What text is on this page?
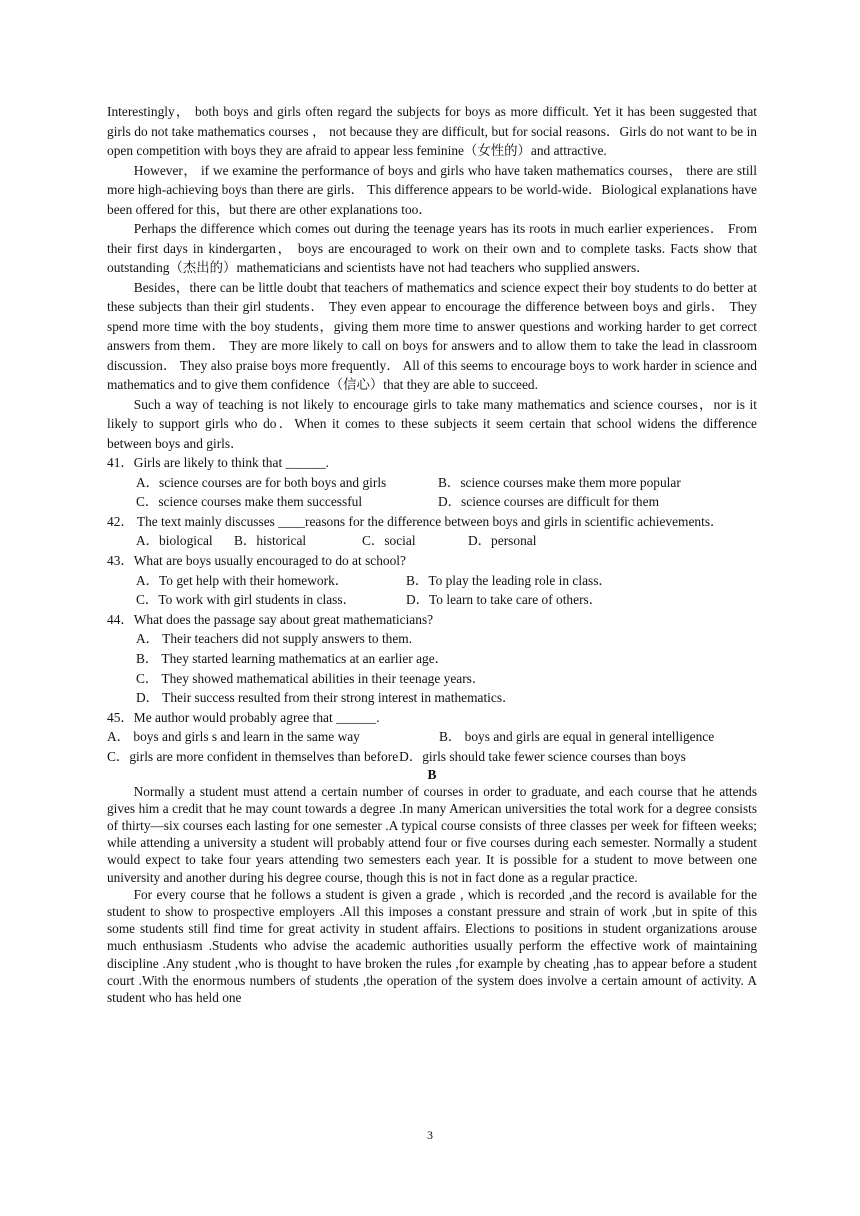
Interestingly， both boys and girls often regard the subjects for boys as more difficult. Yet it has been suggested that girls do not take mathematics courses ， not because they are difficult, but for social reasons．Girls do not want to be in open competition with boys they are afraid to appear less feminine（女性的）and attractive.

However， if we examine the performance of boys and girls who have taken mathematics courses， there are still more high-achieving boys than there are girls． This difference appears to be world-wide．Biological explanations have been offered for this，but there are other explanations too．

Perhaps the difference which comes out during the teenage years has its roots in much earlier experiences． From their first days in kindergarten， boys are encouraged to work on their own and to complete tasks. Facts show that outstanding（杰出的）mathematicians and scientists have not had teachers who supplied answers．

Besides，there can be little doubt that teachers of mathematics and science expect their boy students to do better at these subjects than their girl students． They even appear to encourage the difference between boys and girls． They spend more time with the boy students，giving them more time to answer questions and working harder to get correct answers from them． They are more likely to call on boys for answers and to allow them to take the lead in classroom discussion． They also praise boys more frequently． All of this seems to encourage boys to work harder in science and mathematics and to give them confidence（信心）that they are able to succeed.

Such a way of teaching is not likely to encourage girls to take many mathematics and science courses，nor is it likely to support girls who do．When it comes to these subjects it seem certain that school widens the difference between boys and girls．

41．Girls are likely to think that ______.

A．science courses are for both boys and girls	B．science courses make them more popular
C．science courses make them successful	D．science courses are difficult for them

42． The text mainly discusses ____reasons for the difference between boys and girls in scientific achievements．

A．biological	B．historical	C．social	D．personal

43．What are boys usually encouraged to do at school?

A．To get help with their homework．	B．To play the leading role in class．
C．To work with girl students in class．	D．To learn to take care of others．

44．What does the passage say about great mathematicians?

A． Their teachers did not supply answers to them.

B． They started learning mathematics at an earlier age．

C． They showed mathematical abilities in their teenage years．

D． Their success resulted from their strong interest in mathematics．

45．Me author would probably agree that ______.

A． boys and girls s and learn in the same way	B． boys and girls are equal in general intelligence
C．girls are more confident in themselves than before D．girls should take fewer science courses than boys

B

Normally a student must attend a certain number of courses in order to graduate, and each course that he attends gives him a credit that he may count towards a degree .In many American universities the total work for a degree consists of thirty—six courses each lasting for one semester .A typical course consists of three classes per week for fifteen weeks; while attending a university a student will probably attend four or five courses during each semester. Normally a student would expect to take four years attending two semesters each year. It is possible for a student to move between one university and another during his degree course, though this is not in fact done as a regular practice.

For every course that he follows a student is given a grade , which is recorded ,and the record is available for the student to show to prospective employers .All this imposes a constant pressure and strain of work ,but in spite of this some students still find time for great activity in student affairs. Elections to positions in student organizations arouse much enthusiasm .Students who advise the academic authorities usually perform the effective work of maintaining discipline .Any student ,who is thought to have broken the rules ,for example by cheating ,has to appear before a student court .With the enormous numbers of students ,the operation of the system does involve a certain amount of activity. A student who has held one

3
